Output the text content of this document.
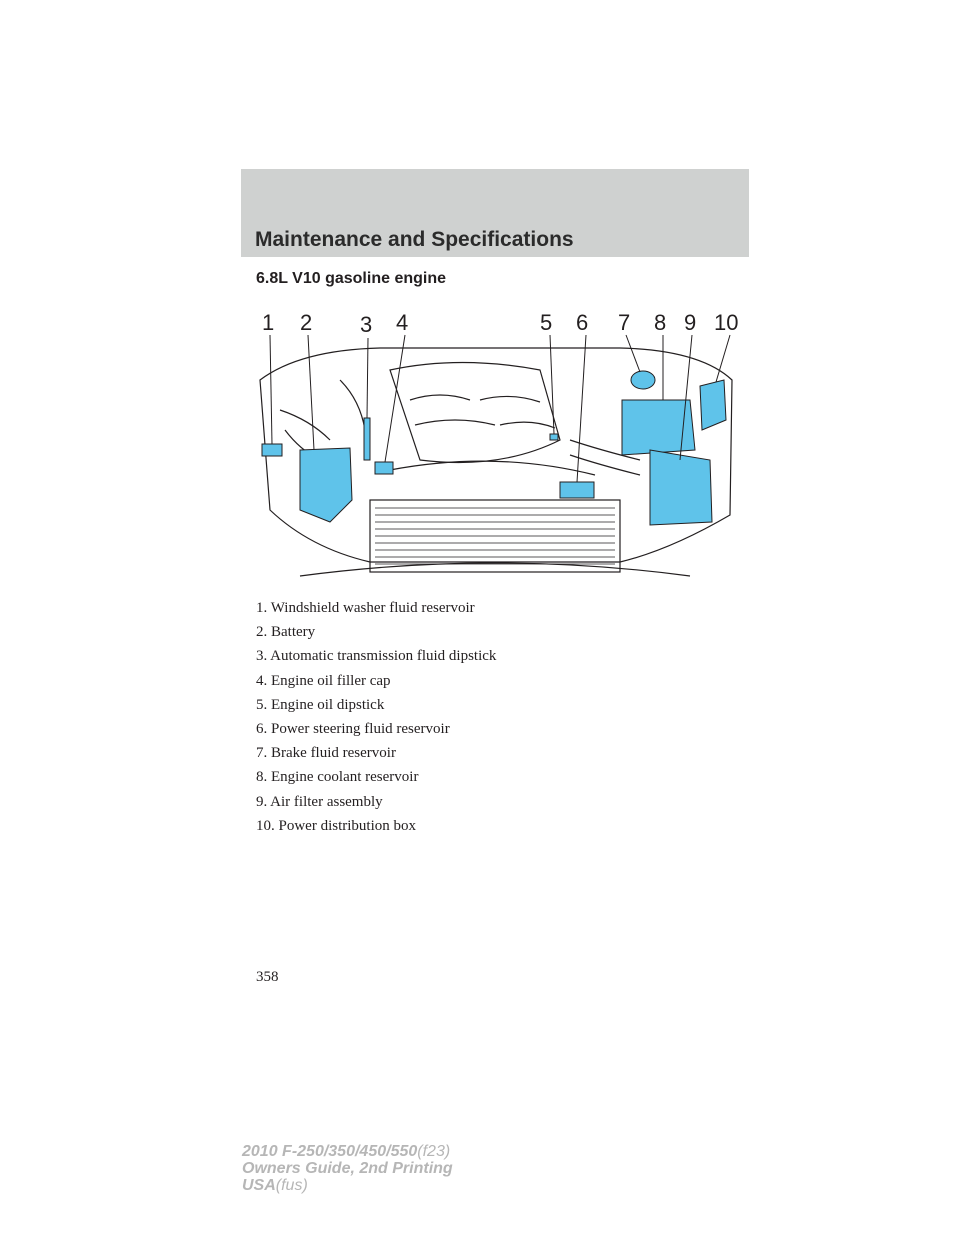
Maintenance and Specifications
6.8L V10 gasoline engine
1 2 3 4	5 6 7 8 9 10
1. Windshield washer fluid reservoir
2. Battery
3. Automatic transmission fluid dipstick
4. Engine oil filler cap
5. Engine oil dipstick
6. Power steering fluid reservoir
7. Brake fluid reservoir
8. Engine coolant reservoir
9. Air filter assembly
10. Power distribution box
358
2010 F-250/350/450/550(f23)
Owners Guide, 2nd Printing
USA(fus)
